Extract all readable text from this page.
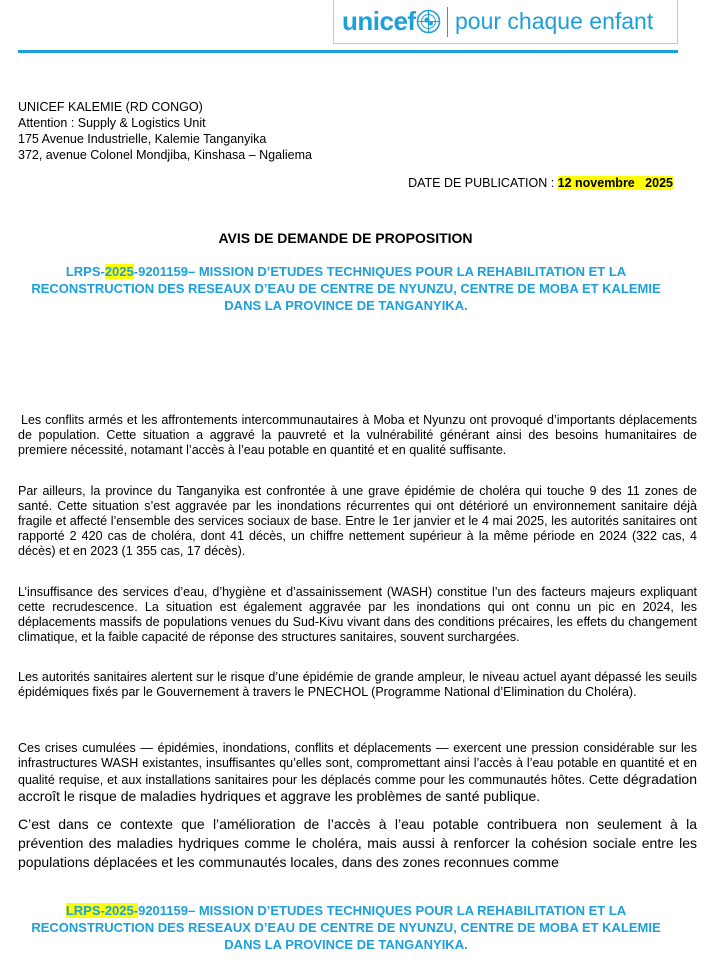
unicef pour chaque enfant
UNICEF KALEMIE (RD CONGO)
Attention : Supply & Logistics Unit
175 Avenue Industrielle, Kalemie Tanganyika
372, avenue Colonel Mondjiba, Kinshasa – Ngaliema
DATE DE PUBLICATION : 12 novembre   2025
AVIS DE DEMANDE DE PROPOSITION
LRPS-2025-9201159– MISSION D’ETUDES TECHNIQUES POUR LA REHABILITATION ET LA RECONSTRUCTION DES RESEAUX D’EAU DE CENTRE DE NYUNZU, CENTRE DE MOBA ET KALEMIE DANS LA PROVINCE DE TANGANYIKA.
Les conflits armés et les affrontements intercommunautaires à Moba et Nyunzu ont provoqué d’importants déplacements de population. Cette situation a aggravé la pauvreté et la vulnérabilité générant ainsi des besoins humanitaires de premiere nécessité, notamant l’accès à l’eau potable en quantité et en qualité suffisante.
Par ailleurs, la province du Tanganyika est confrontée à une grave épidémie de choléra qui touche 9 des 11 zones de santé. Cette situation s’est aggravée par les inondations récurrentes qui ont détérioré un environnement sanitaire déjà fragile et affecté l’ensemble des services sociaux de base. Entre le 1er janvier et le 4 mai 2025, les autorités sanitaires ont rapporté 2 420 cas de choléra, dont 41 décès, un chiffre nettement supérieur à la même période en 2024 (322 cas, 4 décès) et en 2023 (1 355 cas, 17 décès).
L’insuffisance des services d’eau, d’hygiène et d’assainissement (WASH) constitue l’un des facteurs majeurs expliquant cette recrudescence. La situation est également aggravée par les inondations qui ont connu un pic en 2024, les déplacements massifs de populations venues du Sud-Kivu vivant dans des conditions précaires, les effets du changement climatique, et la faible capacité de réponse des structures sanitaires, souvent surchargées.
Les autorités sanitaires alertent sur le risque d’une épidémie de grande ampleur, le niveau actuel ayant dépassé les seuils épidémiques fixés par le Gouvernement à travers le PNECHOL (Programme National d’Elimination du Choléra).
Ces crises cumulées — épidémies, inondations, conflits et déplacements — exercent une pression considérable sur les infrastructures WASH existantes, insuffisantes qu’elles sont, compromettant ainsi l’accès à l’eau potable en quantité et en qualité requise, et aux installations sanitaires pour les déplacés comme pour les communautés hôtes. Cette dégradation accroît le risque de maladies hydriques et aggrave les problèmes de santé publique.
C’est dans ce contexte que l’amélioration de l’accès à l’eau potable contribuera non seulement à la prévention des maladies hydriques comme le choléra, mais aussi à renforcer la cohésion sociale entre les populations déplacées et les communautés locales, dans des zones reconnues comme
LRPS-2025-9201159– MISSION D’ETUDES TECHNIQUES POUR LA REHABILITATION ET LA RECONSTRUCTION DES RESEAUX D’EAU DE CENTRE DE NYUNZU, CENTRE DE MOBA ET KALEMIE DANS LA PROVINCE DE TANGANYIKA.
